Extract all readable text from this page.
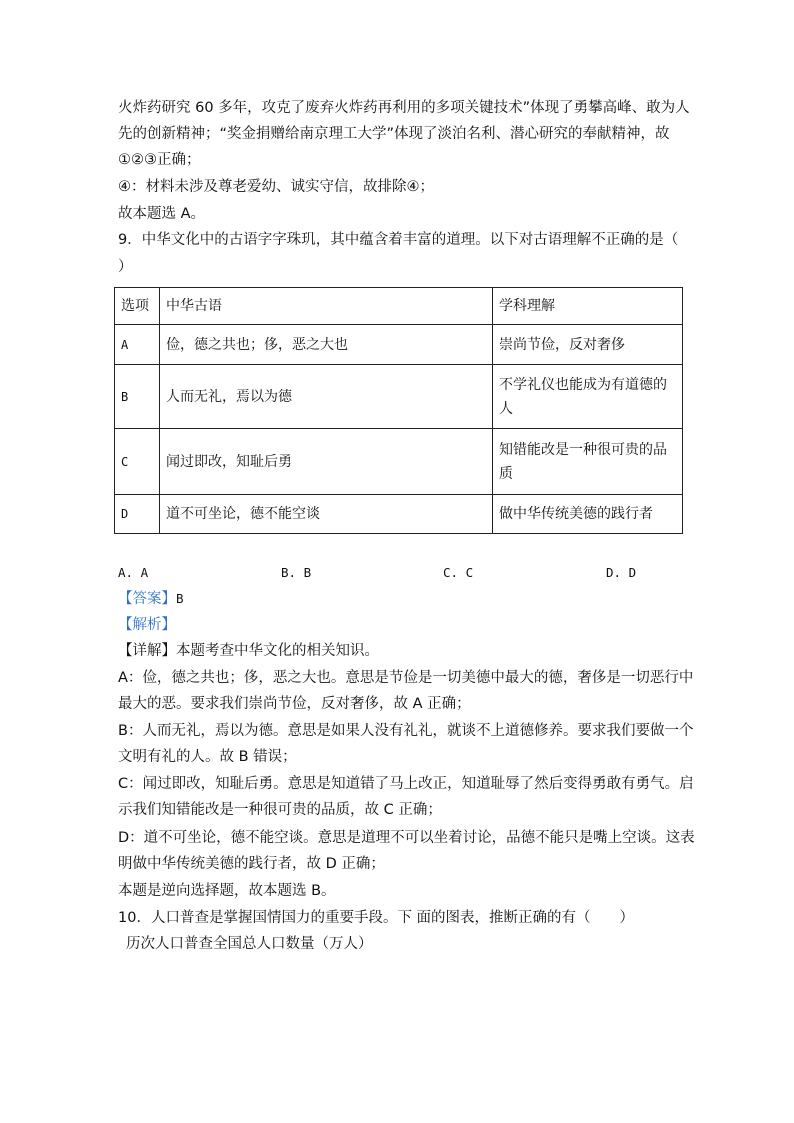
火炸药研究 60 多年，攻克了废弃火炸药再利用的多项关键技术”体现了勇攀高峰、敢为人
先的创新精神；“奖金捐赠给南京理工大学”体现了淡泊名利、潜心研究的奉献精神，故
①②③正确；
④：材料未涉及尊老爱幼、诚实守信，故排除④；
故本题选 A。
9．中华文化中的古语字字珠玑，其中蕴含着丰富的道理。以下对古语理解不正确的是（
）
选项	中华古语	学科理解
A	俭，德之共也；侈，恶之大也	崇尚节俭，反对奢侈
B	人而无礼，焉以为德	不学礼仪也能成为有道德的人
C	闻过即改，知耻后勇	知错能改是一种很可贵的品质
D	道不可坐论，德不能空谈	做中华传统美德的践行者
A. A	B. B	C. C	D. D
【答案】B
【解析】
【详解】本题考查中华文化的相关知识。
A：俭，德之共也；侈，恶之大也。意思是节俭是一切美德中最大的德，奢侈是一切恶行中
最大的恶。要求我们崇尚节俭，反对奢侈，故 A 正确；
B：人而无礼，焉以为德。意思是如果人没有礼礼，就谈不上道德修养。要求我们要做一个
文明有礼的人。故 B 错误；
C：闻过即改，知耻后勇。意思是知道错了马上改正，知道耻辱了然后变得勇敢有勇气。启
示我们知错能改是一种很可贵的品质，故 C 正确；
D：道不可坐论，德不能空谈。意思是道理不可以坐着讨论，品德不能只是嘴上空谈。这表
明做中华传统美德的践行者，故 D 正确；
本题是逆向选择题，故本题选 B。
10．人口普查是掌握国情国力的重要手段。下 面的图表，推断正确的有（　　）
历次人口普查全国总人口数量（万人）
